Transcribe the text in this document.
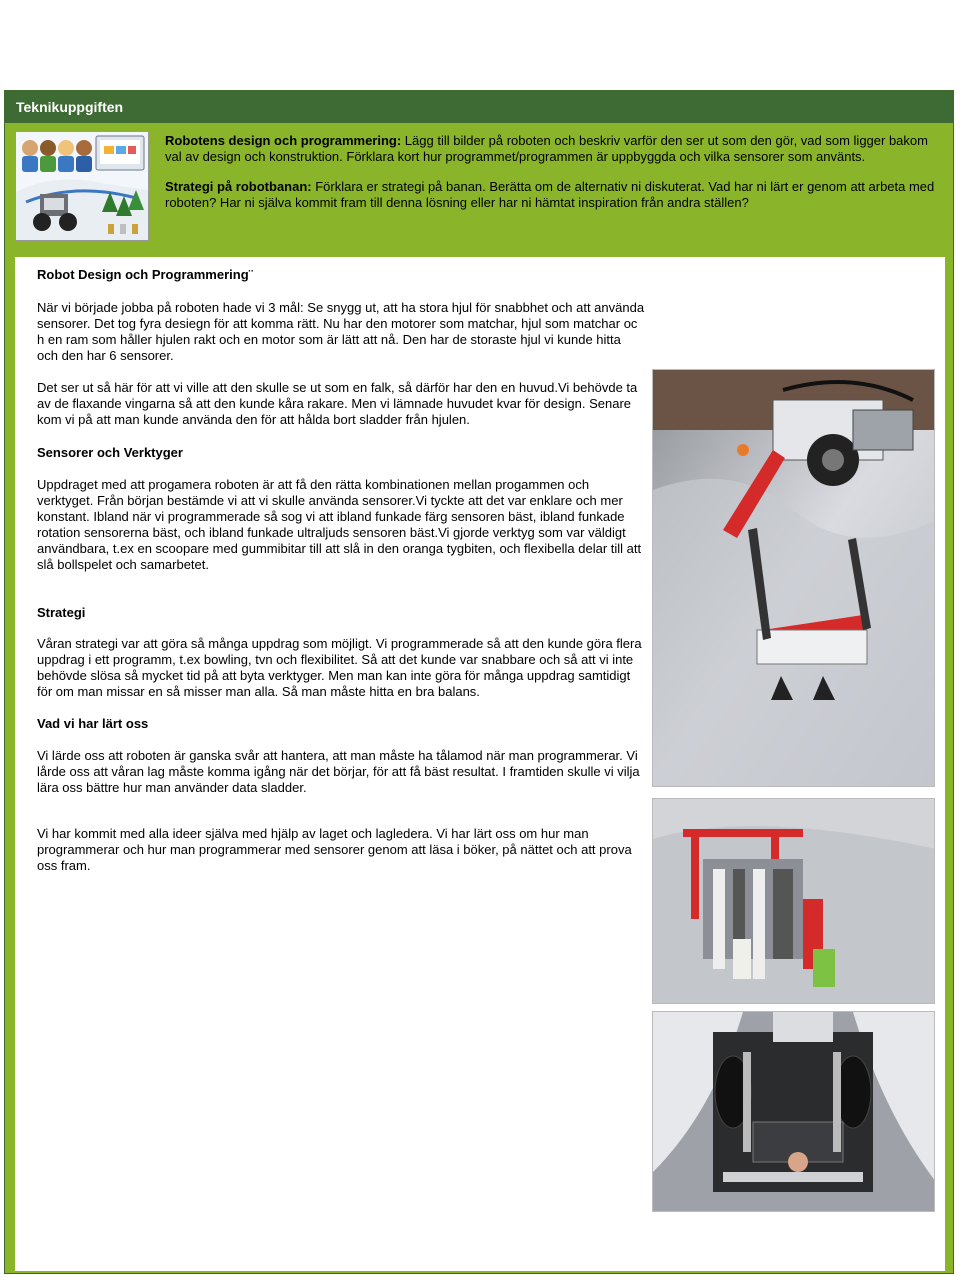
Teknikuppgiften

Robotens design och programmering: Lägg till bilder på roboten och beskriv varför den ser ut som den gör, vad som ligger bakom val av design och konstruktion. Förklara kort hur programmet/programmen är uppbyggda och vilka sensorer som använts.

Strategi på robotbanan: Förklara er strategi på banan. Berätta om de alternativ ni diskuterat. Vad har ni lärt er genom att arbeta med roboten? Har ni själva kommit fram till denna lösning eller har ni hämtat inspiration från andra ställen?

Robot Design och Programmering¨

När vi började jobba på roboten hade vi 3 mål: Se snygg ut, att ha stora hjul för snabbhet och att använda sensorer. Det tog fyra desiegn för att komma rätt. Nu har den motorer som matchar, hjul som matchar oc h en ram som håller hjulen rakt och en motor som är lätt att nå. Den har de storaste hjul vi kunde hitta och den har 6 sensorer.

Det ser ut så här för att vi ville att den skulle se ut som en falk, så därför har den en huvud.Vi behövde ta av de flaxande vingarna så att den kunde kåra rakare. Men vi lämnade huvudet kvar för design. Senare kom vi på att man kunde använda den för att hålda bort sladder från hjulen.

Sensorer och Verktyger

Uppdraget med att progamera roboten är att få den rätta kombinationen mellan progammen och verktyget. Från början bestämde vi att vi skulle använda sensorer.Vi tyckte att det var enklare och mer konstant. Ibland när vi programmerade så sog vi att ibland funkade färg sensoren bäst, ibland funkade rotation sensorerna bäst, och ibland funkade ultraljuds sensoren bäst.Vi gjorde verktyg som var väldigt användbara, t.ex en scoopare med gummibitar till att slå in den oranga tygbiten, och flexibella delar till att slå bollspelet och samarbetet.

Strategi

Våran strategi var att göra så många uppdrag som möjligt. Vi programmerade så att den kunde göra flera uppdrag i ett programm, t.ex bowling, tvn och flexibilitet. Så att det kunde var snabbare och så att vi inte behövde slösa så mycket tid på att byta verktyger. Men man kan inte göra för många uppdrag samtidigt för om man missar en så misser man alla. Så man måste hitta en bra balans.

Vad vi har lärt oss

Vi lärde oss att roboten är ganska svår att hantera, att man måste ha tålamod när man programmerar. Vi lårde oss att våran lag måste komma igång när det börjar, för att få bäst resultat. I framtiden skulle vi vilja lära oss bättre hur man använder data sladder.

Vi har kommit med alla ideer själva med hjälp av laget och lagledera. Vi har lärt oss om hur man programmerar och hur man programmerar med sensorer genom att läsa i böker, på nättet och att prova oss fram.
